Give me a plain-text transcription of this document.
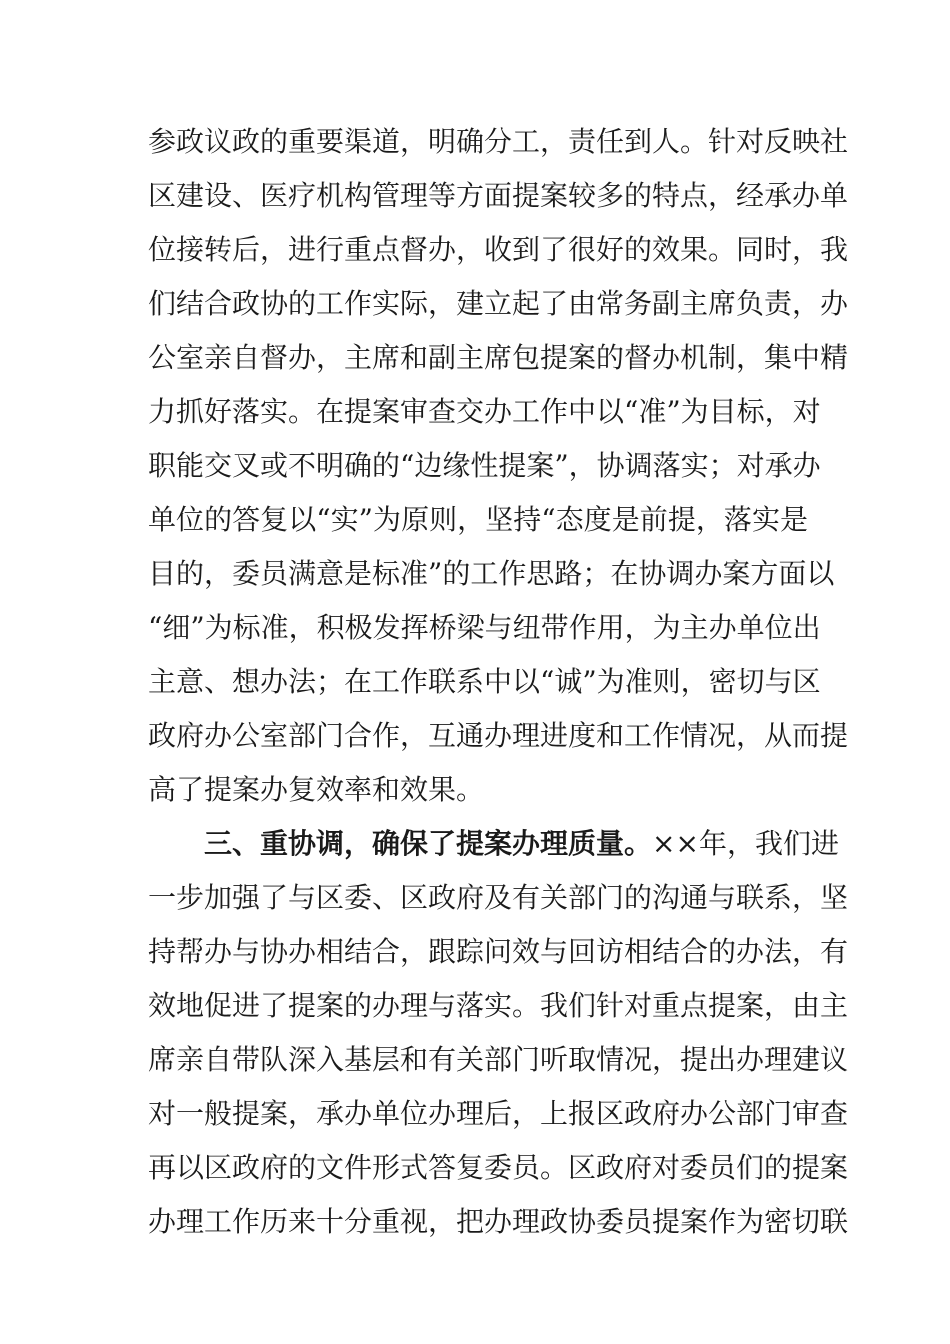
参政议政的重要渠道，明确分工，责任到人。针对反映社
区建设、医疗机构管理等方面提案较多的特点，经承办单
位接转后，进行重点督办，收到了很好的效果。同时，我
们结合政协的工作实际，建立起了由常务副主席负责，办
公室亲自督办，主席和副主席包提案的督办机制，集中精
力抓好落实。在提案审查交办工作中以“准”为目标，对
职能交叉或不明确的“边缘性提案”，协调落实；对承办
单位的答复以“实”为原则，坚持“态度是前提，落实是
目的，委员满意是标准”的工作思路；在协调办案方面以
“细”为标准，积极发挥桥梁与纽带作用，为主办单位出
主意、想办法；在工作联系中以“诚”为准则，密切与区
政府办公室部门合作，互通办理进度和工作情况，从而提
高了提案办复效率和效果。
三、重协调，确保了提案办理质量。××年，我们进
一步加强了与区委、区政府及有关部门的沟通与联系，坚
持帮办与协办相结合，跟踪问效与回访相结合的办法，有
效地促进了提案的办理与落实。我们针对重点提案，由主
席亲自带队深入基层和有关部门听取情况，提出办理建议
对一般提案，承办单位办理后，上报区政府办公部门审查
再以区政府的文件形式答复委员。区政府对委员们的提案
办理工作历来十分重视，把办理政协委员提案作为密切联
